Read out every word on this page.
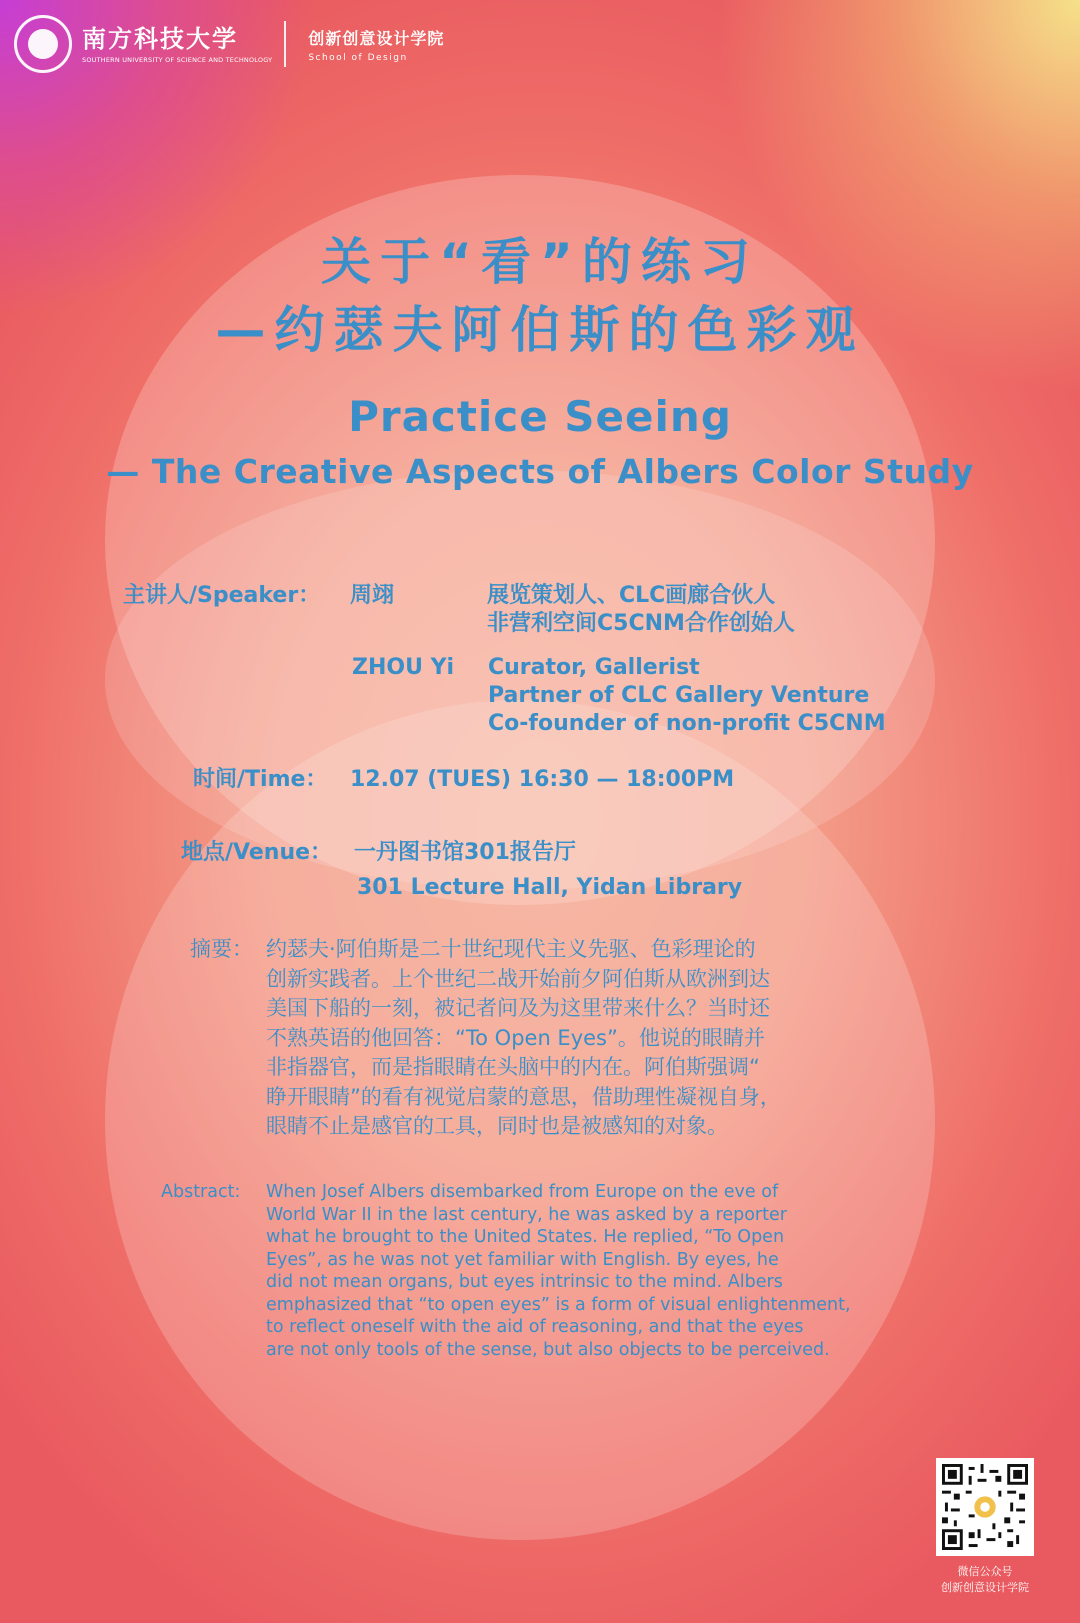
南方科技大学
SOUTHERN UNIVERSITY OF SCIENCE AND TECHNOLOGY
创新创意设计学院
School of Design
关于“看”的练习
—约瑟夫阿伯斯的色彩观
Practice Seeing
— The Creative Aspects of Albers Color Study
主讲人/Speaker： 周翊	展览策划人、CLC画廊合伙人
非营利空间C5CNM合作创始人
ZHOU Yi Curator, Gallerist
Partner of CLC Gallery Venture
Co-founder of non-profit C5CNM
时间/Time： 12.07 (TUES) 16:30 — 18:00PM
地点/Venue： 一丹图书馆301报告厅
301 Lecture Hall, Yidan Library
摘要： 约瑟夫·阿伯斯是二十世纪现代主义先驱、色彩理论的
创新实践者。上个世纪二战开始前夕阿伯斯从欧洲到达
美国下船的一刻，被记者问及为这里带来什么？当时还
不熟英语的他回答：“To Open Eyes”。他说的眼睛并
非指器官，而是指眼睛在头脑中的内在。阿伯斯强调“
睁开眼睛”的看有视觉启蒙的意思，借助理性凝视自身，
眼睛不止是感官的工具，同时也是被感知的对象。
Abstract: When Josef Albers disembarked from Europe on the eve of
World War II in the last century, he was asked by a reporter
what he brought to the United States. He replied, “To Open
Eyes”, as he was not yet familiar with English. By eyes, he
did not mean organs, but eyes intrinsic to the mind. Albers
emphasized that “to open eyes” is a form of visual enlightenment,
to reflect oneself with the aid of reasoning, and that the eyes
are not only tools of the sense, but also objects to be perceived.
微信公众号
创新创意设计学院
